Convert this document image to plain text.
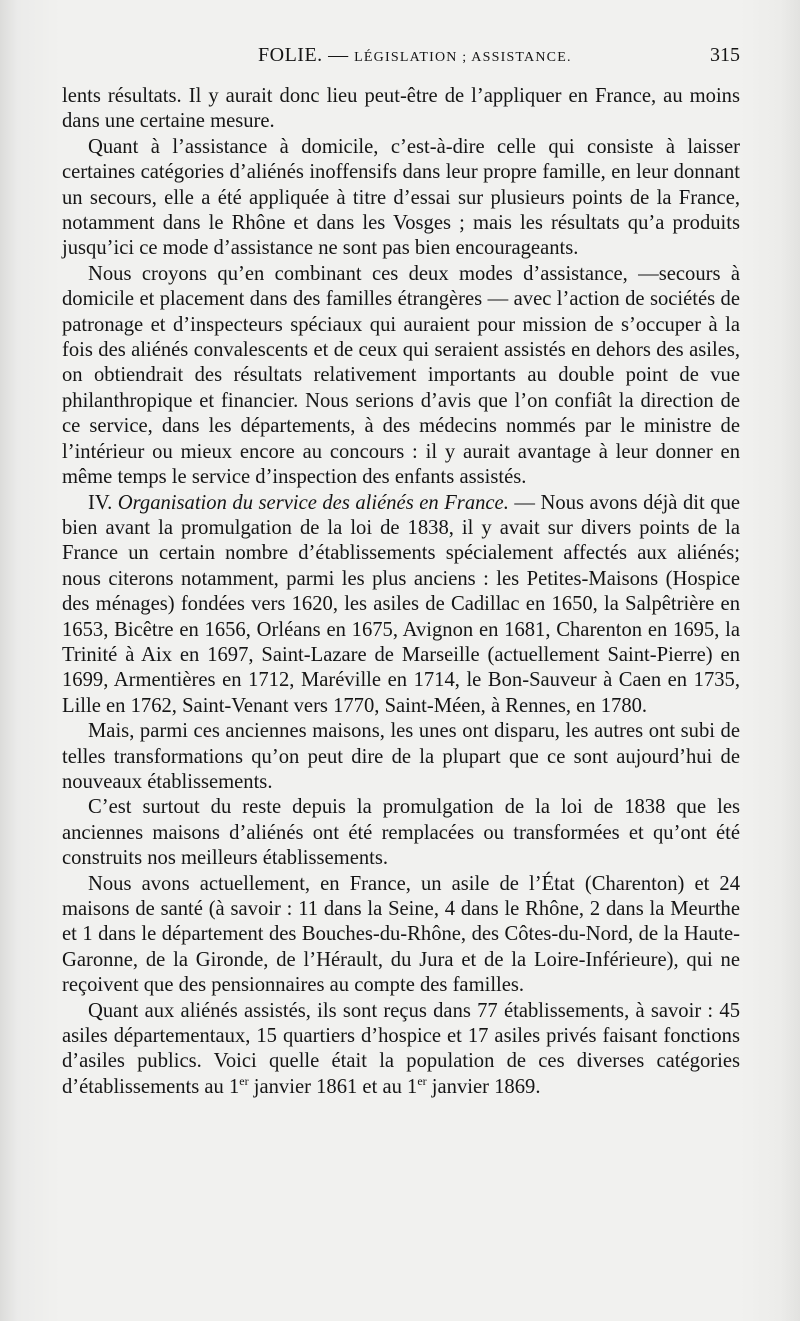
FOLIE. — LÉGISLATION ; ASSISTANCE.	315

lents résultats. Il y aurait donc lieu peut-être de l’appliquer en France, au moins dans une certaine mesure.

Quant à l’assistance à domicile, c’est-à-dire celle qui consiste à laisser certaines catégories d’aliénés inoffensifs dans leur propre famille, en leur donnant un secours, elle a été appliquée à titre d’essai sur plusieurs points de la France, notamment dans le Rhône et dans les Vosges ; mais les résultats qu’a produits jusqu’ici ce mode d’assistance ne sont pas bien encourageants.

Nous croyons qu’en combinant ces deux modes d’assistance, —secours à domicile et placement dans des familles étrangères — avec l’action de sociétés de patronage et d’inspecteurs spéciaux qui auraient pour mission de s’occuper à la fois des aliénés convalescents et de ceux qui seraient assistés en dehors des asiles, on obtiendrait des résultats relativement importants au double point de vue philanthropique et financier. Nous serions d’avis que l’on confiât la direction de ce service, dans les départements, à des médecins nommés par le ministre de l’intérieur ou mieux encore au concours : il y aurait avantage à leur donner en même temps le service d’inspection des enfants assistés.

IV. Organisation du service des aliénés en France. — Nous avons déjà dit que bien avant la promulgation de la loi de 1838, il y avait sur divers points de la France un certain nombre d’établissements spécialement affectés aux aliénés; nous citerons notamment, parmi les plus anciens : les Petites-Maisons (Hospice des ménages) fondées vers 1620, les asiles de Cadillac en 1650, la Salpêtrière en 1653, Bicêtre en 1656, Orléans en 1675, Avignon en 1681, Charenton en 1695, la Trinité à Aix en 1697, Saint-Lazare de Marseille (actuellement Saint-Pierre) en 1699, Armentières en 1712, Maréville en 1714, le Bon-Sauveur à Caen en 1735, Lille en 1762, Saint-Venant vers 1770, Saint-Méen, à Rennes, en 1780.

Mais, parmi ces anciennes maisons, les unes ont disparu, les autres ont subi de telles transformations qu’on peut dire de la plupart que ce sont aujourd’hui de nouveaux établissements.

C’est surtout du reste depuis la promulgation de la loi de 1838 que les anciennes maisons d’aliénés ont été remplacées ou transformées et qu’ont été construits nos meilleurs établissements.

Nous avons actuellement, en France, un asile de l’État (Charenton) et 24 maisons de santé (à savoir : 11 dans la Seine, 4 dans le Rhône, 2 dans la Meurthe et 1 dans le département des Bouches-du-Rhône, des Côtes-du-Nord, de la Haute-Garonne, de la Gironde, de l’Hérault, du Jura et de la Loire-Inférieure), qui ne reçoivent que des pensionnaires au compte des familles.

Quant aux aliénés assistés, ils sont reçus dans 77 établissements, à savoir : 45 asiles départementaux, 15 quartiers d’hospice et 17 asiles privés faisant fonctions d’asiles publics. Voici quelle était la population de ces diverses catégories d’établissements au 1er janvier 1861 et au 1er janvier 1869.
